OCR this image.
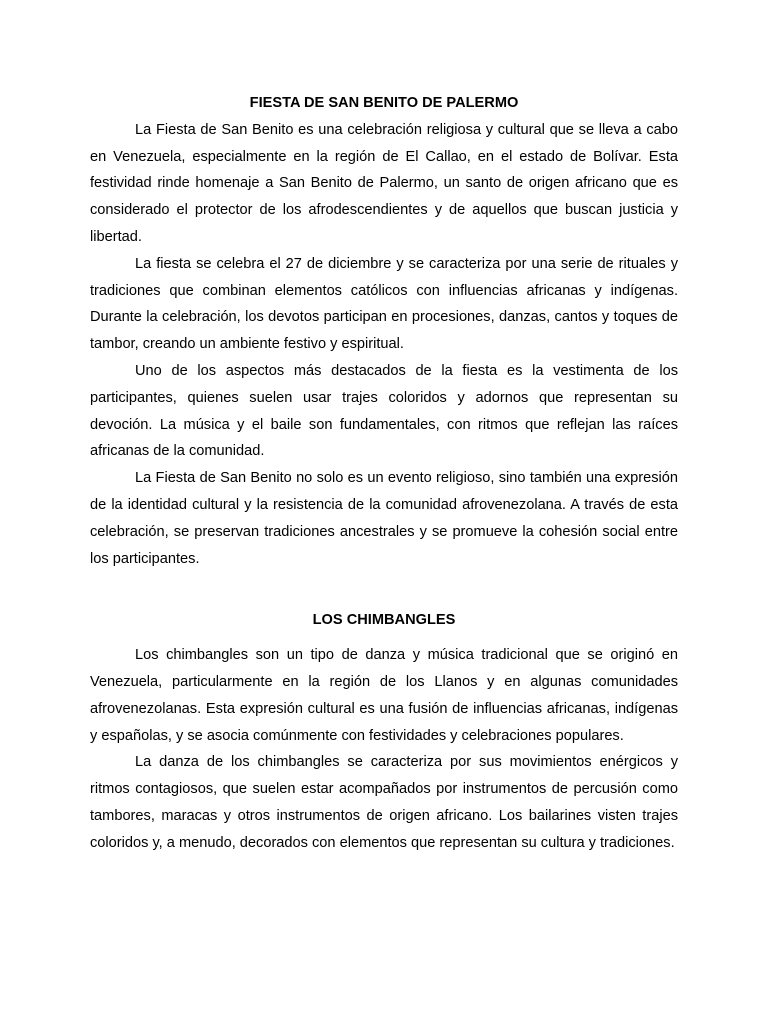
FIESTA DE SAN BENITO DE PALERMO

La Fiesta de San Benito es una celebración religiosa y cultural que se lleva a cabo en Venezuela, especialmente en la región de El Callao, en el estado de Bolívar. Esta festividad rinde homenaje a San Benito de Palermo, un santo de origen africano que es considerado el protector de los afrodescendientes y de aquellos que buscan justicia y libertad.

La fiesta se celebra el 27 de diciembre y se caracteriza por una serie de rituales y tradiciones que combinan elementos católicos con influencias africanas y indígenas. Durante la celebración, los devotos participan en procesiones, danzas, cantos y toques de tambor, creando un ambiente festivo y espiritual.

Uno de los aspectos más destacados de la fiesta es la vestimenta de los participantes, quienes suelen usar trajes coloridos y adornos que representan su devoción. La música y el baile son fundamentales, con ritmos que reflejan las raíces africanas de la comunidad.

La Fiesta de San Benito no solo es un evento religioso, sino también una expresión de la identidad cultural y la resistencia de la comunidad afrovenezolana. A través de esta celebración, se preservan tradiciones ancestrales y se promueve la cohesión social entre los participantes.

LOS CHIMBANGLES

Los chimbangles son un tipo de danza y música tradicional que se originó en Venezuela, particularmente en la región de los Llanos y en algunas comunidades afrovenezolanas. Esta expresión cultural es una fusión de influencias africanas, indígenas y españolas, y se asocia comúnmente con festividades y celebraciones populares.

La danza de los chimbangles se caracteriza por sus movimientos enérgicos y ritmos contagiosos, que suelen estar acompañados por instrumentos de percusión como tambores, maracas y otros instrumentos de origen africano. Los bailarines visten trajes coloridos y, a menudo, decorados con elementos que representan su cultura y tradiciones.
